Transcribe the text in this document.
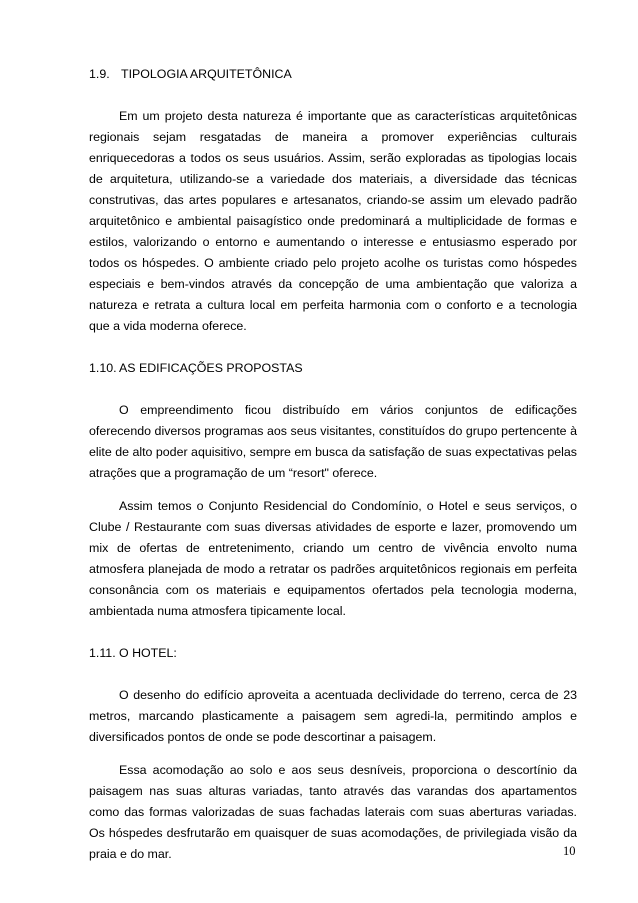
1.9. TIPOLOGIA ARQUITETÔNICA

Em um projeto desta natureza é importante que as características arquitetônicas regionais sejam resgatadas de maneira a promover experiências culturais enriquecedoras a todos os seus usuários. Assim, serão exploradas as tipologias locais de arquitetura, utilizando-se a variedade dos materiais, a diversidade das técnicas construtivas, das artes populares e artesanatos, criando-se assim um elevado padrão arquitetônico e ambiental paisagístico onde predominará a multiplicidade de formas e estilos, valorizando o entorno e aumentando o interesse e entusiasmo esperado por todos os hóspedes. O ambiente criado pelo projeto acolhe os turistas como hóspedes especiais e bem-vindos através da concepção de uma ambientação que valoriza a natureza e retrata a cultura local em perfeita harmonia com o conforto e a tecnologia que a vida moderna oferece.

1.10. AS EDIFICAÇÕES PROPOSTAS

O empreendimento ficou distribuído em vários conjuntos de edificações oferecendo diversos programas aos seus visitantes, constituídos do grupo pertencente à elite de alto poder aquisitivo, sempre em busca da satisfação de suas expectativas pelas atrações que a programação de um “resort" oferece.

Assim temos o Conjunto Residencial do Condomínio, o Hotel e seus serviços, o Clube / Restaurante com suas diversas atividades de esporte e lazer, promovendo um mix de ofertas de entretenimento, criando um centro de vivência envolto numa atmosfera planejada de modo a retratar os padrões arquitetônicos regionais em perfeita consonância com os materiais e equipamentos ofertados pela tecnologia moderna, ambientada numa atmosfera tipicamente local.

1.11. O HOTEL:

O desenho do edifício aproveita a acentuada declividade do terreno, cerca de 23 metros, marcando plasticamente a paisagem sem agredi-la, permitindo amplos e diversificados pontos de onde se pode descortinar a paisagem.

Essa acomodação ao solo e aos seus desníveis, proporciona o descortínio da paisagem nas suas alturas variadas, tanto através das varandas dos apartamentos como das formas valorizadas de suas fachadas laterais com suas aberturas variadas. Os hóspedes desfrutarão em quaisquer de suas acomodações, de privilegiada visão da praia e do mar.	10
